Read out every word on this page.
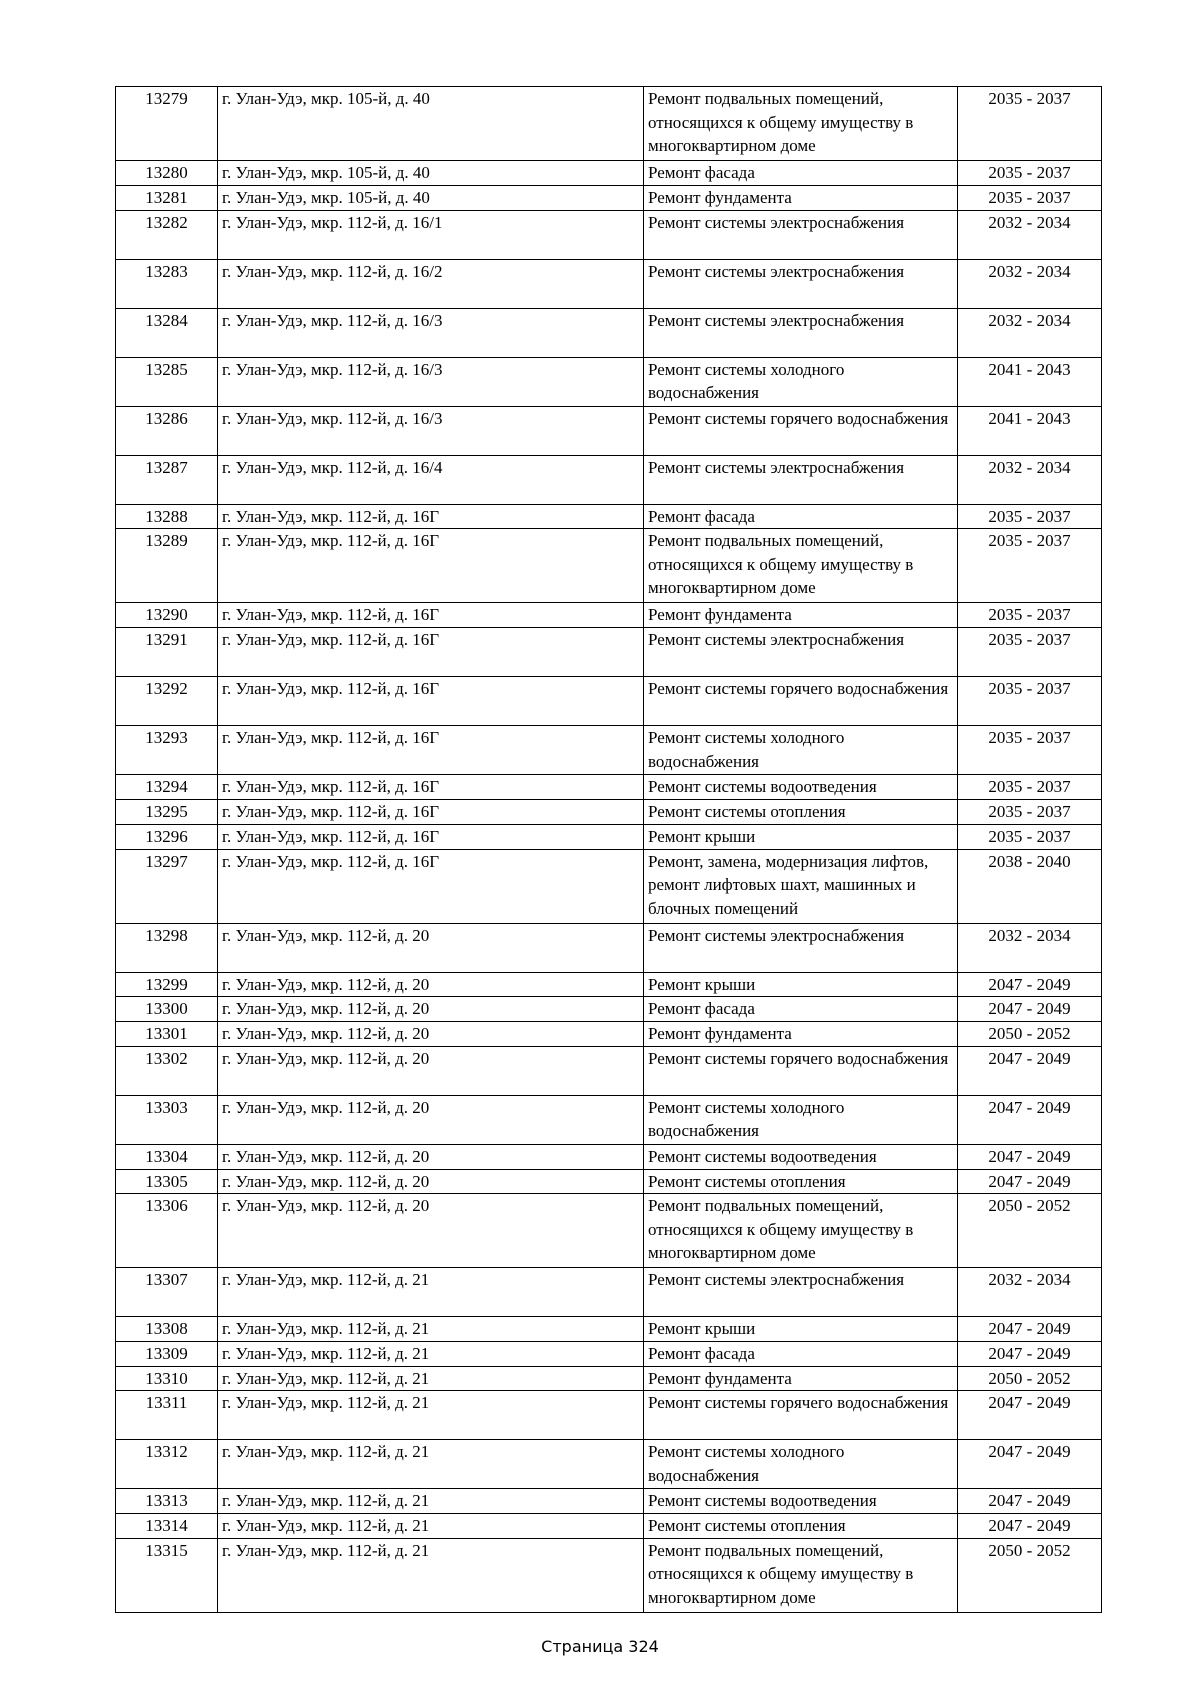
13279	г. Улан-Удэ, мкр. 105-й, д. 40	Ремонт подвальных помещений, относящихся к общему имуществу в многоквартирном доме	2035 - 2037
13280	г. Улан-Удэ, мкр. 105-й, д. 40	Ремонт фасада	2035 - 2037
13281	г. Улан-Удэ, мкр. 105-й, д. 40	Ремонт фундамента	2035 - 2037
13282	г. Улан-Удэ, мкр. 112-й, д. 16/1	Ремонт системы электроснабжения	2032 - 2034
13283	г. Улан-Удэ, мкр. 112-й, д. 16/2	Ремонт системы электроснабжения	2032 - 2034
13284	г. Улан-Удэ, мкр. 112-й, д. 16/3	Ремонт системы электроснабжения	2032 - 2034
13285	г. Улан-Удэ, мкр. 112-й, д. 16/3	Ремонт системы холодного водоснабжения	2041 - 2043
13286	г. Улан-Удэ, мкр. 112-й, д. 16/3	Ремонт системы горячего водоснабжения	2041 - 2043
13287	г. Улан-Удэ, мкр. 112-й, д. 16/4	Ремонт системы электроснабжения	2032 - 2034
13288	г. Улан-Удэ, мкр. 112-й, д. 16Г	Ремонт фасада	2035 - 2037
13289	г. Улан-Удэ, мкр. 112-й, д. 16Г	Ремонт подвальных помещений, относящихся к общему имуществу в многоквартирном доме	2035 - 2037
13290	г. Улан-Удэ, мкр. 112-й, д. 16Г	Ремонт фундамента	2035 - 2037
13291	г. Улан-Удэ, мкр. 112-й, д. 16Г	Ремонт системы электроснабжения	2035 - 2037
13292	г. Улан-Удэ, мкр. 112-й, д. 16Г	Ремонт системы горячего водоснабжения	2035 - 2037
13293	г. Улан-Удэ, мкр. 112-й, д. 16Г	Ремонт системы холодного водоснабжения	2035 - 2037
13294	г. Улан-Удэ, мкр. 112-й, д. 16Г	Ремонт системы водоотведения	2035 - 2037
13295	г. Улан-Удэ, мкр. 112-й, д. 16Г	Ремонт системы отопления	2035 - 2037
13296	г. Улан-Удэ, мкр. 112-й, д. 16Г	Ремонт крыши	2035 - 2037
13297	г. Улан-Удэ, мкр. 112-й, д. 16Г	Ремонт, замена, модернизация лифтов, ремонт лифтовых шахт, машинных и блочных помещений	2038 - 2040
13298	г. Улан-Удэ, мкр. 112-й, д. 20	Ремонт системы электроснабжения	2032 - 2034
13299	г. Улан-Удэ, мкр. 112-й, д. 20	Ремонт крыши	2047 - 2049
13300	г. Улан-Удэ, мкр. 112-й, д. 20	Ремонт фасада	2047 - 2049
13301	г. Улан-Удэ, мкр. 112-й, д. 20	Ремонт фундамента	2050 - 2052
13302	г. Улан-Удэ, мкр. 112-й, д. 20	Ремонт системы горячего водоснабжения	2047 - 2049
13303	г. Улан-Удэ, мкр. 112-й, д. 20	Ремонт системы холодного водоснабжения	2047 - 2049
13304	г. Улан-Удэ, мкр. 112-й, д. 20	Ремонт системы водоотведения	2047 - 2049
13305	г. Улан-Удэ, мкр. 112-й, д. 20	Ремонт системы отопления	2047 - 2049
13306	г. Улан-Удэ, мкр. 112-й, д. 20	Ремонт подвальных помещений, относящихся к общему имуществу в многоквартирном доме	2050 - 2052
13307	г. Улан-Удэ, мкр. 112-й, д. 21	Ремонт системы электроснабжения	2032 - 2034
13308	г. Улан-Удэ, мкр. 112-й, д. 21	Ремонт крыши	2047 - 2049
13309	г. Улан-Удэ, мкр. 112-й, д. 21	Ремонт фасада	2047 - 2049
13310	г. Улан-Удэ, мкр. 112-й, д. 21	Ремонт фундамента	2050 - 2052
13311	г. Улан-Удэ, мкр. 112-й, д. 21	Ремонт системы горячего водоснабжения	2047 - 2049
13312	г. Улан-Удэ, мкр. 112-й, д. 21	Ремонт системы холодного водоснабжения	2047 - 2049
13313	г. Улан-Удэ, мкр. 112-й, д. 21	Ремонт системы водоотведения	2047 - 2049
13314	г. Улан-Удэ, мкр. 112-й, д. 21	Ремонт системы отопления	2047 - 2049
13315	г. Улан-Удэ, мкр. 112-й, д. 21	Ремонт подвальных помещений, относящихся к общему имуществу в многоквартирном доме	2050 - 2052
Страница 324
